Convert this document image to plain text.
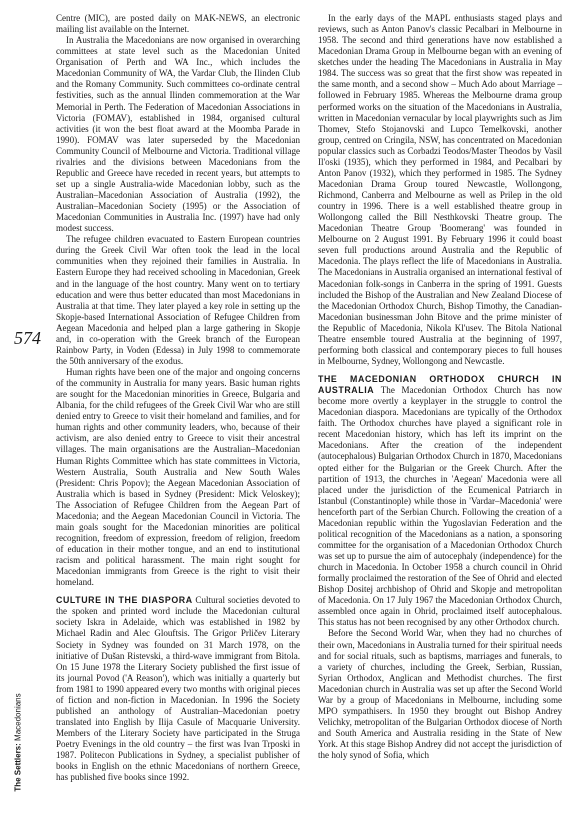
574
The Settlers: Macedonians

Centre (MIC), are posted daily on MAK-NEWS, an electronic mailing list available on the Internet.

In Australia the Macedonians are now organised in overarching committees at state level such as the Macedonian United Organisation of Perth and WA Inc., which includes the Macedonian Community of WA, the Vardar Club, the Ilinden Club and the Romany Community. Such committees co-ordinate central festivities, such as the annual Ilinden commemoration at the War Memorial in Perth. The Federation of Macedonian Associations in Victoria (FOMAV), established in 1984, organised cultural activities (it won the best float award at the Moomba Parade in 1990). FOMAV was later superseded by the Macedonian Community Council of Melbourne and Victoria. Traditional village rivalries and the divisions between Macedonians from the Republic and Greece have receded in recent years, but attempts to set up a single Australia-wide Macedonian lobby, such as the Australian–Macedonian Association of Australia (1992), the Australian–Macedonian Society (1995) or the Association of Macedonian Communities in Australia Inc. (1997) have had only modest success.

The refugee children evacuated to Eastern European countries during the Greek Civil War often took the lead in the local communities when they rejoined their families in Australia. In Eastern Europe they had received schooling in Macedonian, Greek and in the language of the host country. Many went on to tertiary education and were thus better educated than most Macedonians in Australia at that time. They later played a key role in setting up the Skopje-based International Association of Refugee Children from Aegean Macedonia and helped plan a large gathering in Skopje and, in co-operation with the Greek branch of the European Rainbow Party, in Voden (Edessa) in July 1998 to commemorate the 50th anniversary of the exodus.

Human rights have been one of the major and ongoing concerns of the community in Australia for many years. Basic human rights are sought for the Macedonian minorities in Greece, Bulgaria and Albania, for the child refugees of the Greek Civil War who are still denied entry to Greece to visit their homeland and families, and for human rights and other community leaders, who, because of their activism, are also denied entry to Greece to visit their ancestral villages. The main organisations are the Australian–Macedonian Human Rights Committee which has state committees in Victoria, Western Australia, South Australia and New South Wales (President: Chris Popov); the Aegean Macedonian Association of Australia which is based in Sydney (President: Mick Veloskey); The Association of Refugee Children from the Aegean Part of Macedonia; and the Aegean Macedonian Council in Victoria. The main goals sought for the Macedonian minorities are political recognition, freedom of expression, freedom of religion, freedom of education in their mother tongue, and an end to institutional racism and political harassment. The main right sought for Macedonian immigrants from Greece is the right to visit their homeland.

CULTURE IN THE DIASPORA Cultural societies devoted to the spoken and printed word include the Macedonian cultural society Iskra in Adelaide, which was established in 1982 by Michael Radin and Alec Glouftsis. The Grigor Prličev Literary Society in Sydney was founded on 31 March 1978, on the initiative of Dušan Ristevski, a third-wave immigrant from Bitola. On 15 June 1978 the Literary Society published the first issue of its journal Povod ('A Reason'), which was initially a quarterly but from 1981 to 1990 appeared every two months with original pieces of fiction and non-fiction in Macedonian. In 1996 the Society published an anthology of Australian–Macedonian poetry translated into English by Ilija Casule of Macquarie University. Members of the Literary Society have participated in the Struga Poetry Evenings in the old country – the first was Ivan Trposki in 1987. Politecon Publications in Sydney, a specialist publisher of books in English on the ethnic Macedonians of northern Greece, has published five books since 1992.

In the early days of the MAPL enthusiasts staged plays and reviews, such as Anton Panov's classic Pecalbari in Melbourne in 1958. The second and third generations have now established a Macedonian Drama Group in Melbourne began with an evening of sketches under the heading The Macedonians in Australia in May 1984. The success was so great that the first show was repeated in the same month, and a second show – Much Ado about Marriage – followed in February 1985. Whereas the Melbourne drama group performed works on the situation of the Macedonians in Australia, written in Macedonian vernacular by local playwrights such as Jim Thomev, Stefo Stojanovski and Lupco Temelkovski, another group, centred on Cringila, NSW, has concentrated on Macedonian popular classics such as Corbadzi Teodos/Master Theodos by Vasil Il'oski (1935), which they performed in 1984, and Pecalbari by Anton Panov (1932), which they performed in 1985. The Sydney Macedonian Drama Group toured Newcastle, Wollongong, Richmond, Canberra and Melbourne as well as Prilep in the old country in 1996. There is a well established theatre group in Wollongong called the Bill Nesthkovski Theatre group. The Macedonian Theatre Group 'Boomerang' was founded in Melbourne on 2 August 1991. By February 1996 it could boast seven full productions around Australia and the Republic of Macedonia. The plays reflect the life of Macedonians in Australia. The Macedonians in Australia organised an international festival of Macedonian folk-songs in Canberra in the spring of 1991. Guests included the Bishop of the Australian and New Zealand Diocese of the Macedonian Orthodox Church, Bishop Timothy, the Canadian-Macedonian businessman John Bitove and the prime minister of the Republic of Macedonia, Nikola Kl'usev. The Bitola National Theatre ensemble toured Australia at the beginning of 1997, performing both classical and contemporary pieces to full houses in Melbourne, Sydney, Wollongong and Newcastle.

THE MACEDONIAN ORTHODOX CHURCH IN AUSTRALIA The Macedonian Orthodox Church has now become more overtly a keyplayer in the struggle to control the Macedonian diaspora. Macedonians are typically of the Orthodox faith. The Orthodox churches have played a significant role in recent Macedonian history, which has left its imprint on the Macedonians. After the creation of the independent (autocephalous) Bulgarian Orthodox Church in 1870, Macedonians opted either for the Bulgarian or the Greek Church. After the partition of 1913, the churches in 'Aegean' Macedonia were all placed under the jurisdiction of the Ecumenical Patriarch in Istanbul (Constantinople) while those in 'Vardar–Macedonia' were henceforth part of the Serbian Church. Following the creation of a Macedonian republic within the Yugoslavian Federation and the political recognition of the Macedonians as a nation, a sponsoring committee for the organisation of a Macedonian Orthodox Church was set up to pursue the aim of autocephaly (independence) for the church in Macedonia. In October 1958 a church council in Ohrid formally proclaimed the restoration of the See of Ohrid and elected Bishop Dositej archbishop of Ohrid and Skopje and metropolitan of Macedonia. On 17 July 1967 the Macedonian Orthodox Church, assembled once again in Ohrid, proclaimed itself autocephalous. This status has not been recognised by any other Orthodox church.

Before the Second World War, when they had no churches of their own, Macedonians in Australia turned for their spiritual needs and for social rituals, such as baptisms, marriages and funerals, to a variety of churches, including the Greek, Serbian, Russian, Syrian Orthodox, Anglican and Methodist churches. The first Macedonian church in Australia was set up after the Second World War by a group of Macedonians in Melbourne, including some MPO sympathisers. In 1950 they brought out Bishop Andrey Velichky, metropolitan of the Bulgarian Orthodox diocese of North and South America and Australia residing in the State of New York. At this stage Bishop Andrey did not accept the jurisdiction of the holy synod of Sofia, which
